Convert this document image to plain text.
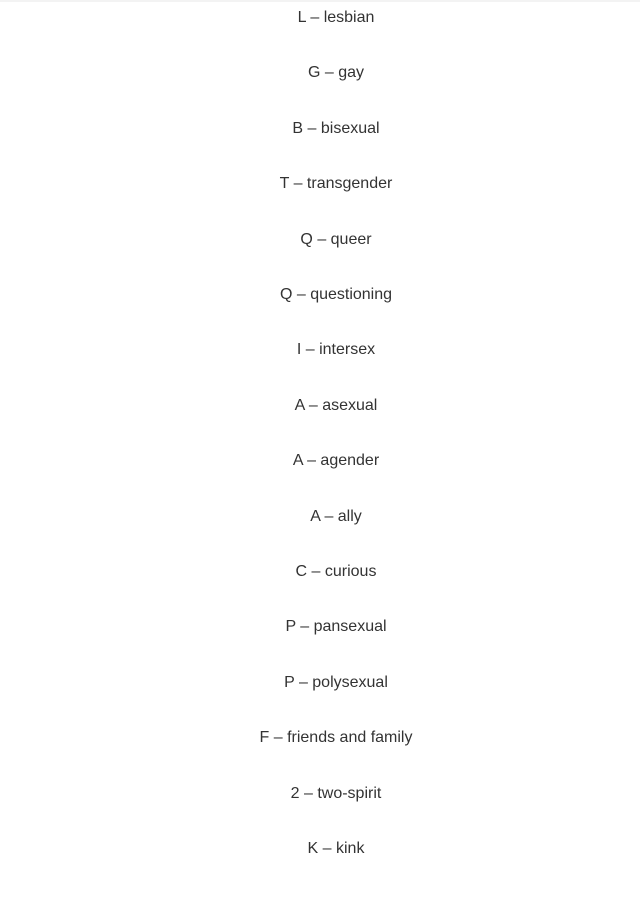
L – lesbian
G – gay
B – bisexual
T – transgender
Q – queer
Q – questioning
I – intersex
A – asexual
A – agender
A – ally
C – curious
P – pansexual
P – polysexual
F – friends and family
2 – two-spirit
K – kink
